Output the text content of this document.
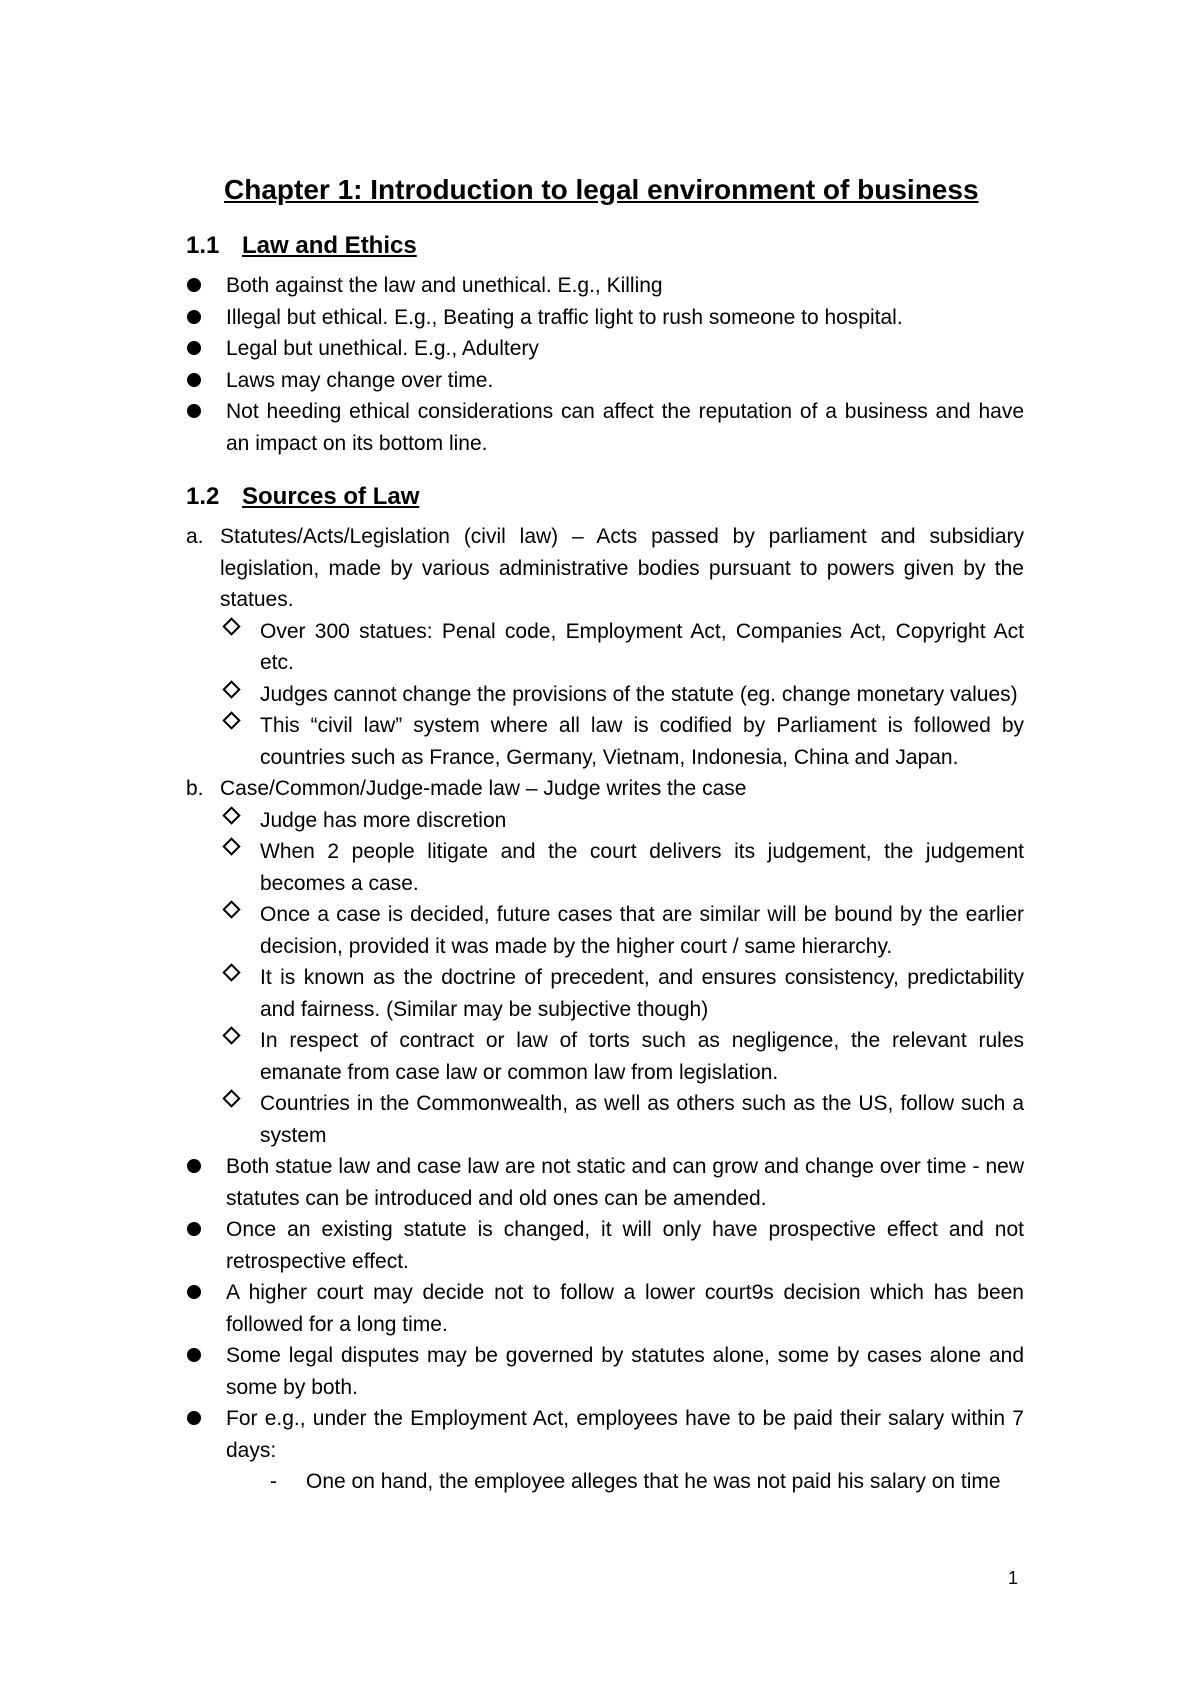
Chapter 1: Introduction to legal environment of business
1.1 Law and Ethics
Both against the law and unethical. E.g., Killing
Illegal but ethical. E.g., Beating a traffic light to rush someone to hospital.
Legal but unethical. E.g., Adultery
Laws may change over time.
Not heeding ethical considerations can affect the reputation of a business and have an impact on its bottom line.
1.2 Sources of Law
a. Statutes/Acts/Legislation (civil law) – Acts passed by parliament and subsidiary legislation, made by various administrative bodies pursuant to powers given by the statues.
Over 300 statues: Penal code, Employment Act, Companies Act, Copyright Act etc.
Judges cannot change the provisions of the statute (eg. change monetary values)
This “civil law” system where all law is codified by Parliament is followed by countries such as France, Germany, Vietnam, Indonesia, China and Japan.
b. Case/Common/Judge-made law – Judge writes the case
Judge has more discretion
When 2 people litigate and the court delivers its judgement, the judgement becomes a case.
Once a case is decided, future cases that are similar will be bound by the earlier decision, provided it was made by the higher court / same hierarchy.
It is known as the doctrine of precedent, and ensures consistency, predictability and fairness. (Similar may be subjective though)
In respect of contract or law of torts such as negligence, the relevant rules emanate from case law or common law from legislation.
Countries in the Commonwealth, as well as others such as the US, follow such a system
Both statue law and case law are not static and can grow and change over time - new statutes can be introduced and old ones can be amended.
Once an existing statute is changed, it will only have prospective effect and not retrospective effect.
A higher court may decide not to follow a lower court9s decision which has been followed for a long time.
Some legal disputes may be governed by statutes alone, some by cases alone and some by both.
For e.g., under the Employment Act, employees have to be paid their salary within 7 days:
- One on hand, the employee alleges that he was not paid his salary on time
1
